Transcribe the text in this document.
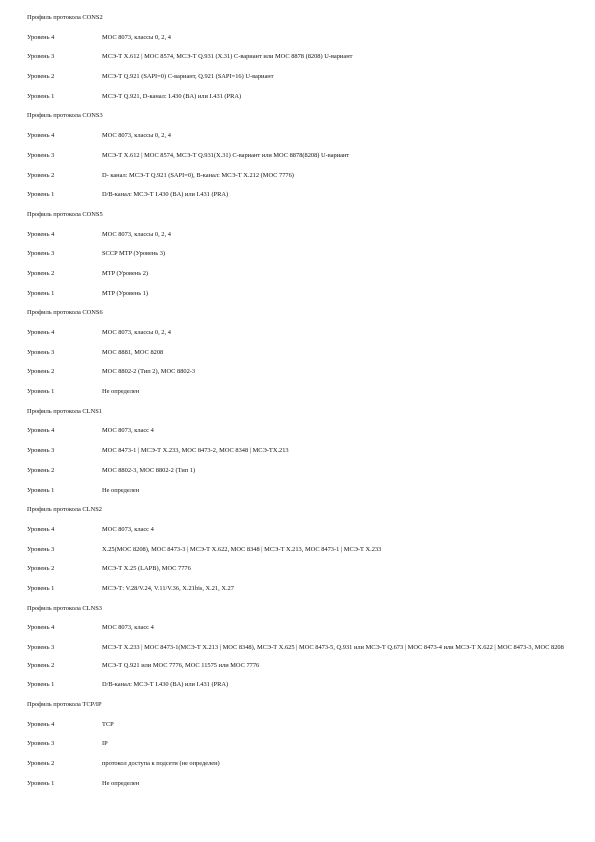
Профиль протокола CONS2
Уровень 4	МОС 8073, классы 0, 2, 4
Уровень 3	МСЭ-Т Х.612 | МОС 8574, МСЭ-Т Q.931 (X.31) С-вариант или МОС 8878 (8208) U-вариант
Уровень 2	МСЭ-Т Q.921 (SAPI=0) С-вариант, Q.921 (SAPI=16) U-вариант
Уровень 1	МСЭ-Т Q.921, D-канал: I.430 (BA) или I.431 (PRA)
Профиль протокола CONS3
Уровень 4	МОС 8073, классы 0, 2, 4
Уровень 3	МСЭ-Т Х.612 | МОС 8574, МСЭ-Т Q.931(X.31) С-вариант или МОС 8878(8208) U-вариант
Уровень 2	D- канал: МСЭ-Т Q.921 (SAPI=0), B-канал: МСЭ-Т Х.212 (МОС 7776)
Уровень 1	D/B-канал: МСЭ-Т I.430 (BA) или I.431 (PRA)
Профиль протокола CONS5
Уровень 4	МОС 8073, классы 0, 2, 4
Уровень 3	SCCP MTP (Уровень 3)
Уровень 2	MTP (Уровень 2)
Уровень 1	MTP (Уровень 1)
Профиль протокола CONS6
Уровень 4	МОС 8073, классы 0, 2, 4
Уровень 3	МОС 8881, МОС 8208
Уровень 2	МОС 8802-2 (Тип 2), МОС 8802-3
Уровень 1	Не определен
Профиль протокола CLNS1
Уровень 4	МОС 8073, класс 4
Уровень 3	МОС 8473-1 | МСЭ-Т Х.233, МОС 8473-2, МОС 8348 | МСЭ-ТХ.213
Уровень 2	МОС 8802-3, МОС 8802-2 (Тип 1)
Уровень 1	Не определен
Профиль протокола CLNS2
Уровень 4	МОС 8073, класс 4
Уровень 3	Х.25(МОС 8208), МОС 8473-3 | МСЭ-Т Х.622, МОС 8348 | МСЭ-Т Х.213, МОС 8473-1 | МСЭ-Т Х.233
Уровень 2	МСЭ-Т Х.25 (LAPB), МОС 7776
Уровень 1	МСЭ-Т: V.28/V.24, V.11/V.36, X.21bis, X.21, X.27
Профиль протокола CLNS3
Уровень 4	МОС 8073, класс 4
Уровень 3	МСЭ-Т Х.233 | МОС 8473-1(МСЭ-Т Х.213 | МОС 8348), МСЭ-Т Х.625 | МОС 8473-5, Q.931 или МСЭ-Т Q.673 | МОС 8473-4 или МСЭ-Т Х.622 | МОС 8473-3, МОС 8208
Уровень 2	МСЭ-Т Q.921 или МОС 7776, МОС 11575 или МОС 7776
Уровень 1	D/B-канал: МСЭ-Т I.430 (BA) или I.431 (PRA)
Профиль протокола TCP/IP
Уровень 4	TCP
Уровень 3	IP
Уровень 2	протокол доступа к подсети (не определен)
Уровень 1	Не определен
